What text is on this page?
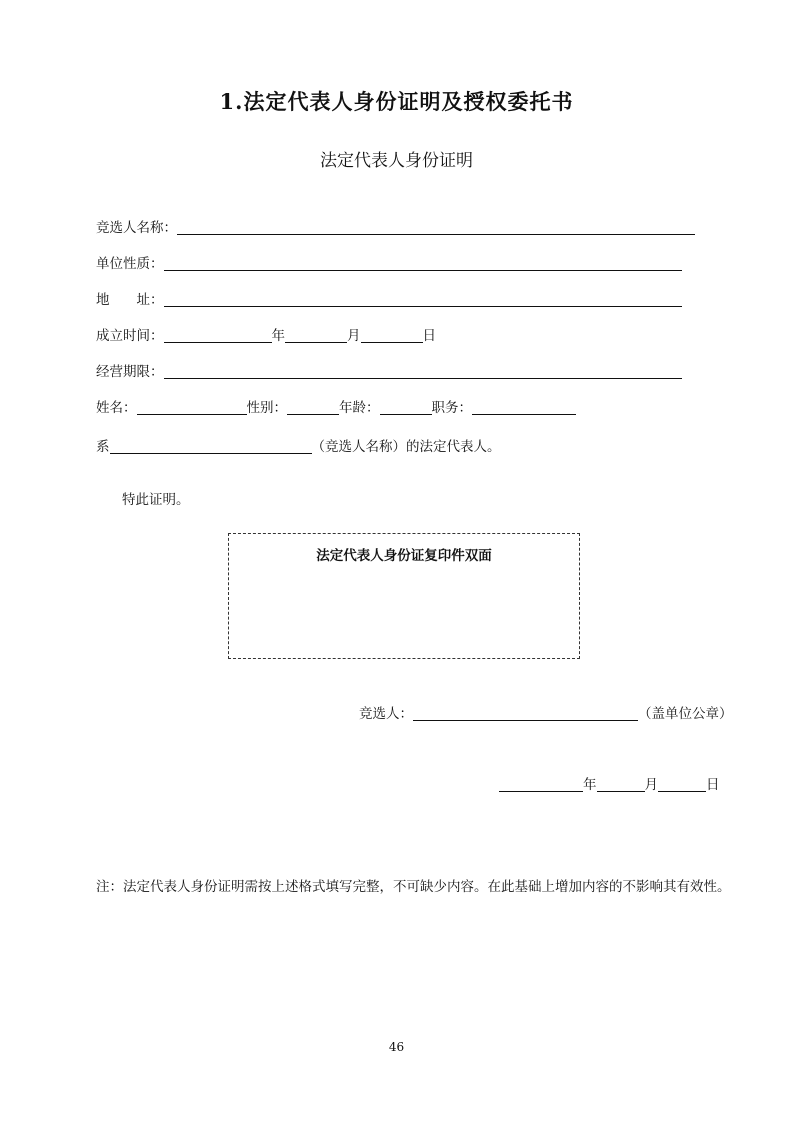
1.法定代表人身份证明及授权委托书
法定代表人身份证明
竞选人名称：
单位性质：
地　　址：
成立时间：	年	月	日
经营期限：
姓名：	性别：	年龄：	职务：
系	（竞选人名称）的法定代表人。
特此证明。
法定代表人身份证复印件双面
竞选人：	（盖单位公章）
年	月	日
注：法定代表人身份证明需按上述格式填写完整，不可缺少内容。在此基础上增加内容的不影响其有效性。
46
